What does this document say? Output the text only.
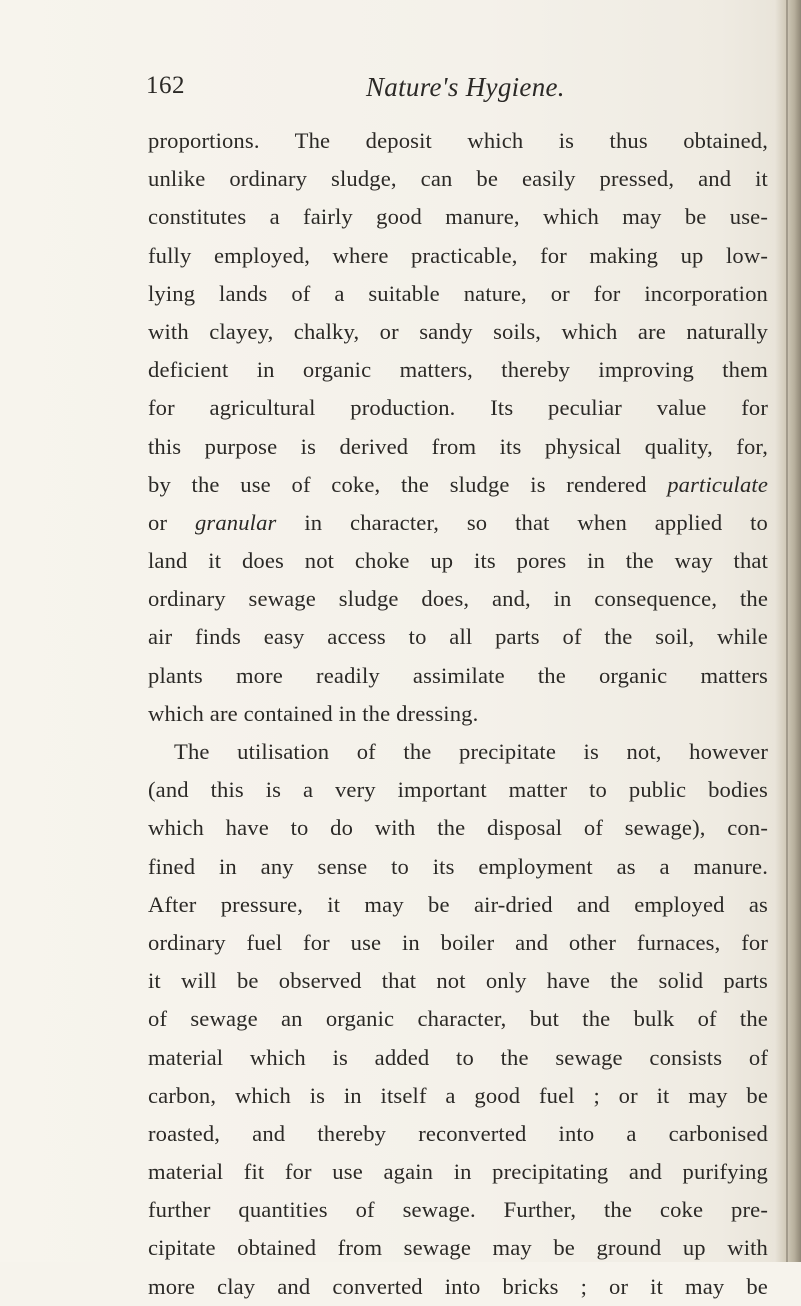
162	Nature's Hygiene.
proportions. The deposit which is thus obtained,
unlike ordinary sludge, can be easily pressed, and it
constitutes a fairly good manure, which may be use-
fully employed, where practicable, for making up low-
lying lands of a suitable nature, or for incorporation
with clayey, chalky, or sandy soils, which are naturally
deficient in organic matters, thereby improving them
for agricultural production. Its peculiar value for
this purpose is derived from its physical quality, for,
by the use of coke, the sludge is rendered particulate
or granular in character, so that when applied to
land it does not choke up its pores in the way that
ordinary sewage sludge does, and, in consequence, the
air finds easy access to all parts of the soil, while
plants more readily assimilate the organic matters
which are contained in the dressing.
The utilisation of the precipitate is not, however
(and this is a very important matter to public bodies
which have to do with the disposal of sewage), con-
fined in any sense to its employment as a manure.
After pressure, it may be air-dried and employed as
ordinary fuel for use in boiler and other furnaces, for
it will be observed that not only have the solid parts
of sewage an organic character, but the bulk of the
material which is added to the sewage consists of
carbon, which is in itself a good fuel ; or it may be
roasted, and thereby reconverted into a carbonised
material fit for use again in precipitating and purifying
further quantities of sewage. Further, the coke pre-
cipitate obtained from sewage may be ground up with
more clay and converted into bricks ; or it may be
